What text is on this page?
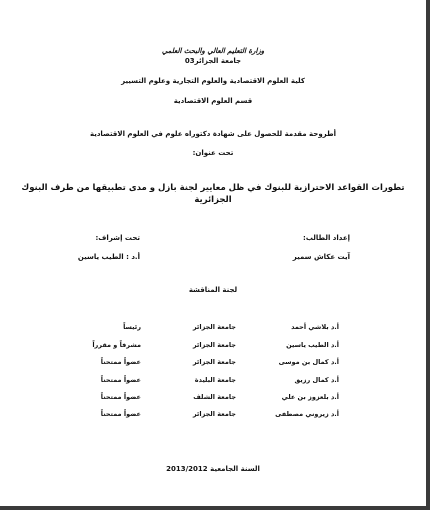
وزارة التعليم العالي والبحث العلمي
جامعة الجزائر03
كلية العلوم الاقتصادية والعلوم التجارية وعلوم التسيير
قسم العلوم الاقتصادية
أطروحة مقدمة للحصول على شهادة دكتوراه علوم في العلوم الاقتصادية
تحت عنوان:
تطورات القواعد الاحترازية للبنوك في ظل معايير لجنة بازل و مدى تطبيقها من طرف البنوك
الجزائرية
إعداد الطالب:
آيت عكاش سمير
تحت إشراف:
أ.د : الطيب ياسين
لجنة المناقشة
أ.د بلاشي أحمد
جامعة الجزائر
رئيساً
أ.د الطيب ياسين
جامعة الجزائر
مشرفاً و مقرراً
أ.د كمال بن موسى
جامعة الجزائر
عضواً ممتحناً
أ.د كمال رزيق
جامعة البليدة
عضواً ممتحناً
أ.د بلعزوز بن علي
جامعة الشلف
عضواً ممتحناً
أ.د زيروني مصطفى
جامعة الجزائر
عضواً ممتحناً
السنة الجامعية 2013/2012
